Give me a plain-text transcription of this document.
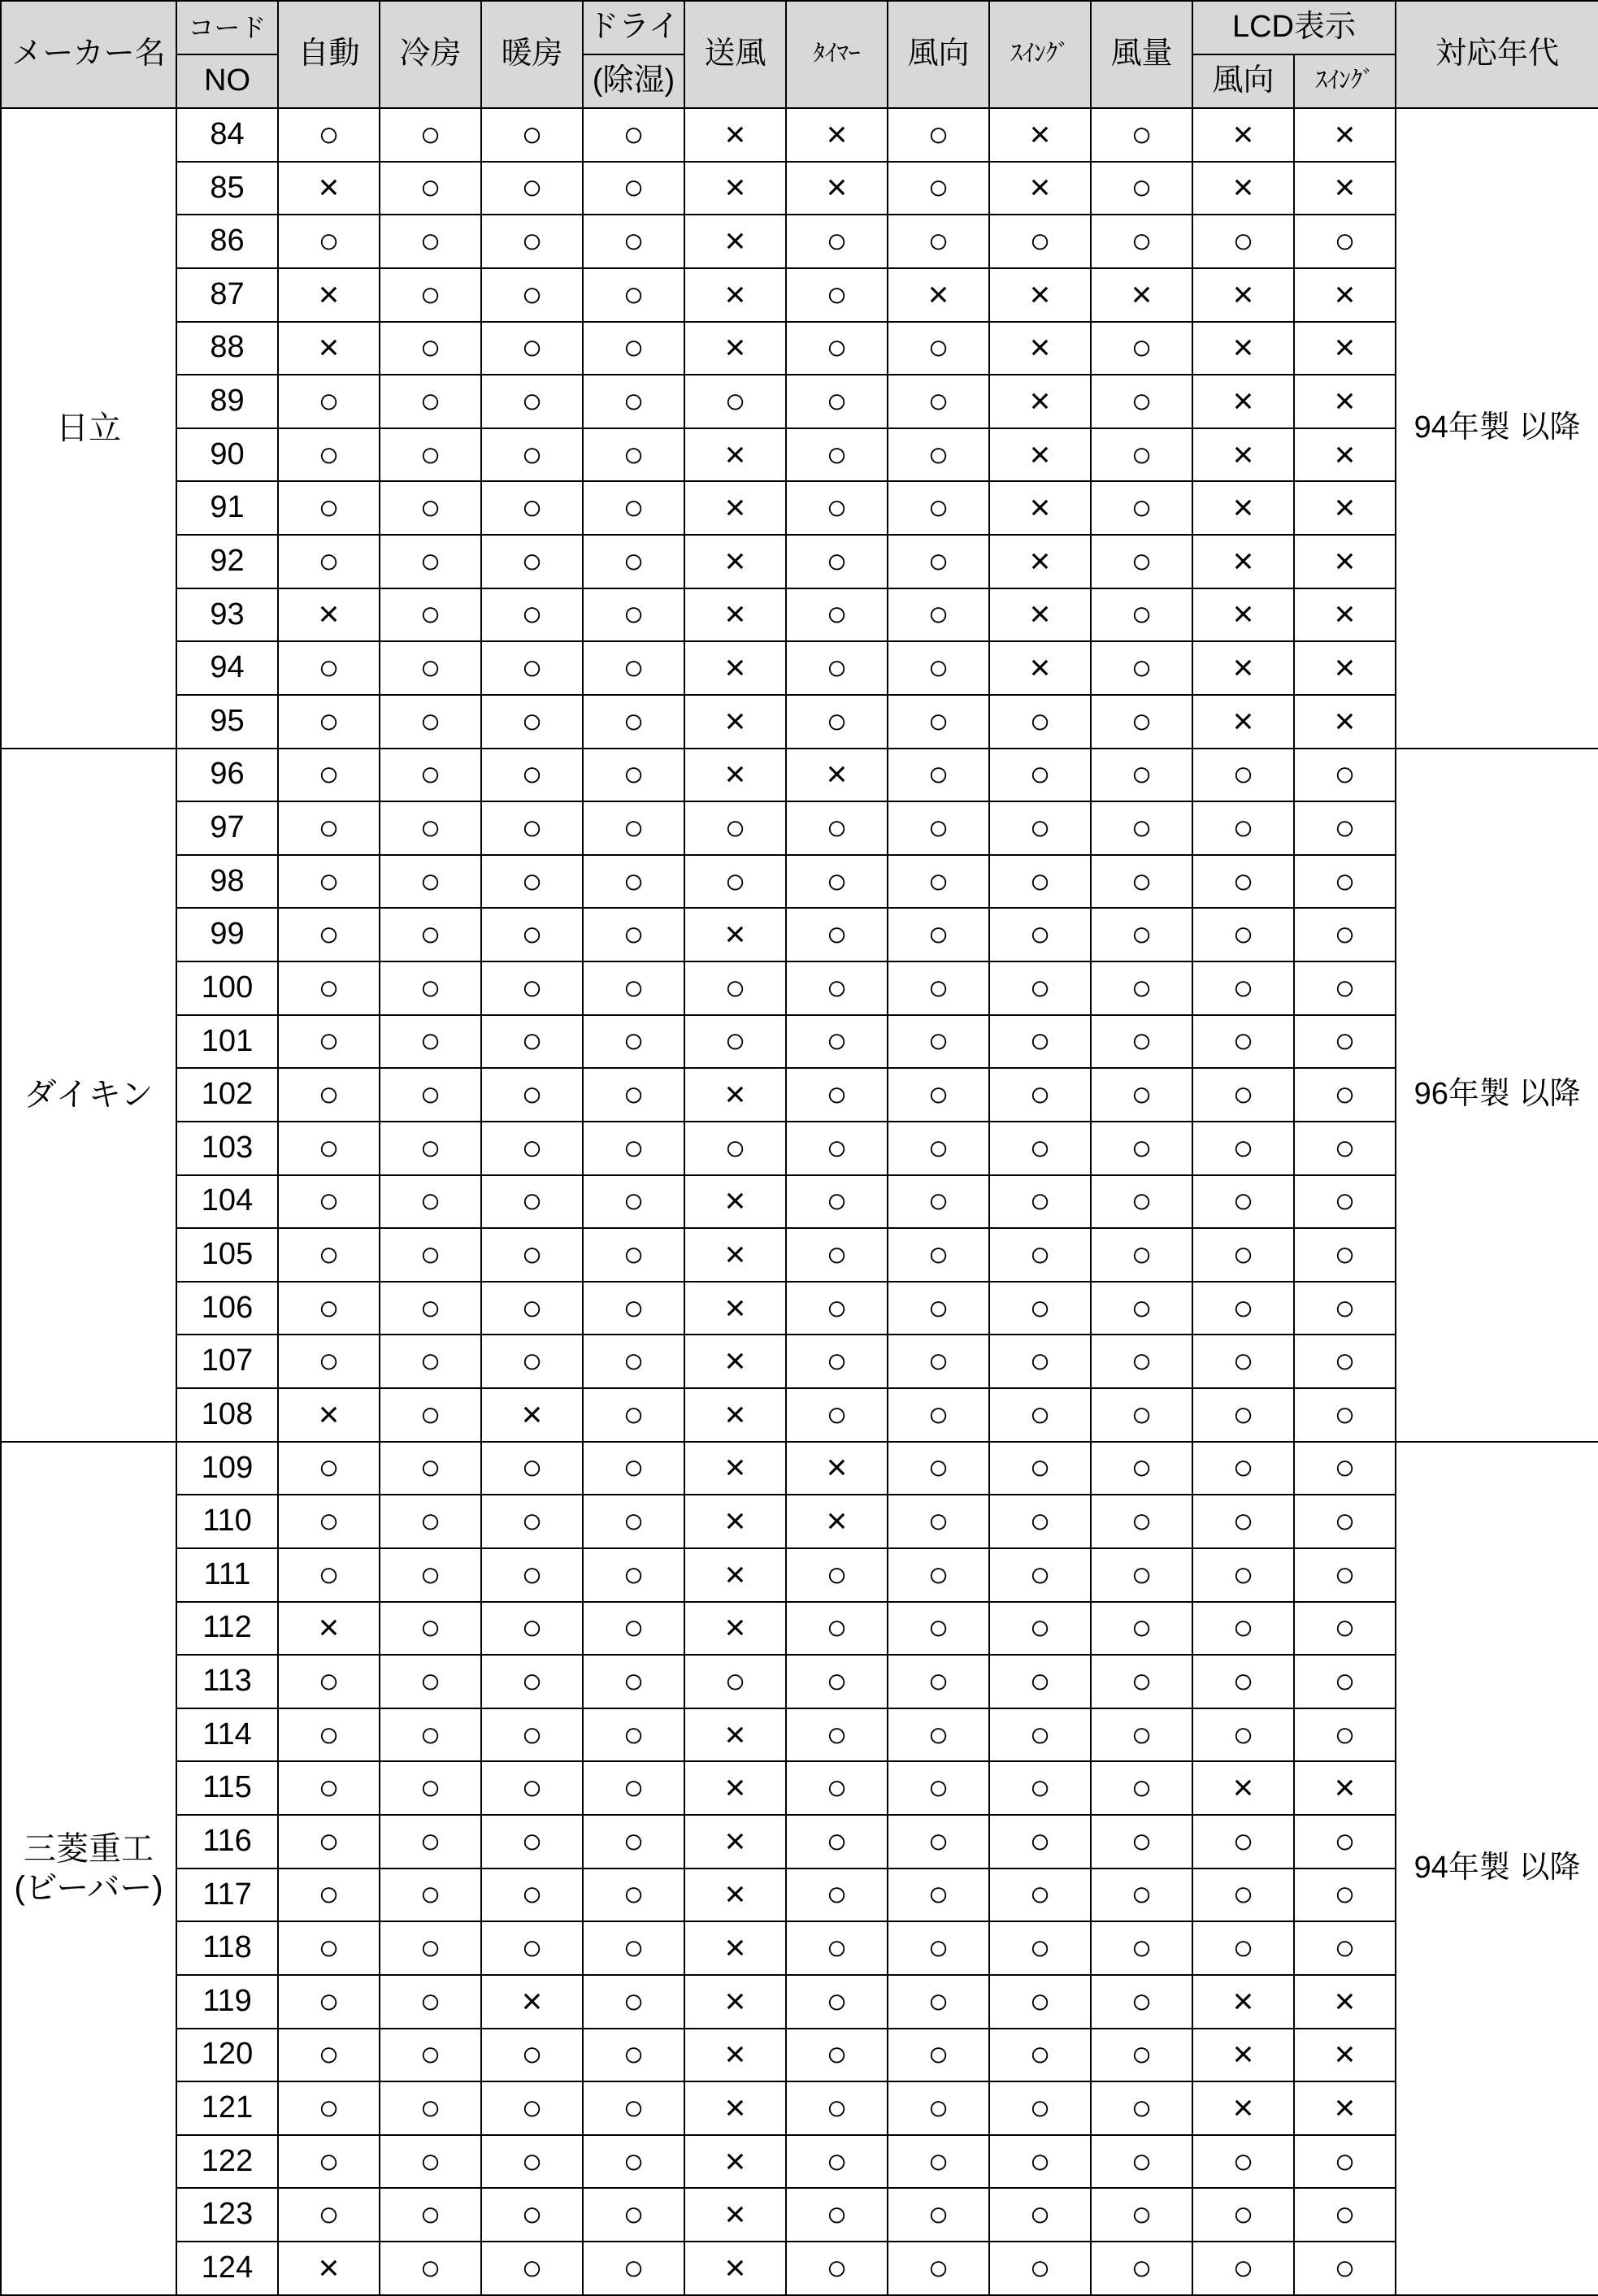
メーカー名	コード	自動	冷房	暖房	ドライ	送風	ﾀｲﾏｰ	風向	ｽｲﾝｸﾞ	風量	LCD表示		対応年代
	NO				(除湿)						風向	ｽｲﾝｸﾞ	
日立	84	○	○	○	○	×	×	○	×	○	×	×	94年製 以降
	85	×	○	○	○	×	×	○	×	○	×	×	
	86	○	○	○	○	×	○	○	○	○	○	○	
	87	×	○	○	○	×	○	×	×	×	×	×	
	88	×	○	○	○	×	○	○	×	○	×	×	
	89	○	○	○	○	○	○	○	×	○	×	×	
	90	○	○	○	○	×	○	○	×	○	×	×	
	91	○	○	○	○	×	○	○	×	○	×	×	
	92	○	○	○	○	×	○	○	×	○	×	×	
	93	×	○	○	○	×	○	○	×	○	×	×	
	94	○	○	○	○	×	○	○	×	○	×	×	
	95	○	○	○	○	×	○	○	○	○	×	×	
ダイキン	96	○	○	○	○	×	×	○	○	○	○	○	96年製 以降
	97	○	○	○	○	○	○	○	○	○	○	○	
	98	○	○	○	○	○	○	○	○	○	○	○	
	99	○	○	○	○	×	○	○	○	○	○	○	
	100	○	○	○	○	○	○	○	○	○	○	○	
	101	○	○	○	○	○	○	○	○	○	○	○	
	102	○	○	○	○	×	○	○	○	○	○	○	
	103	○	○	○	○	○	○	○	○	○	○	○	
	104	○	○	○	○	×	○	○	○	○	○	○	
	105	○	○	○	○	×	○	○	○	○	○	○	
	106	○	○	○	○	×	○	○	○	○	○	○	
	107	○	○	○	○	×	○	○	○	○	○	○	
	108	×	○	×	○	×	○	○	○	○	○	○	
三菱重工 (ビーバー)	109	○	○	○	○	×	×	○	○	○	○	○	94年製 以降
	110	○	○	○	○	×	×	○	○	○	○	○	
	111	○	○	○	○	×	○	○	○	○	○	○	
	112	×	○	○	○	×	○	○	○	○	○	○	
	113	○	○	○	○	○	○	○	○	○	○	○	
	114	○	○	○	○	×	○	○	○	○	○	○	
	115	○	○	○	○	×	○	○	○	○	×	×	
	116	○	○	○	○	×	○	○	○	○	○	○	
	117	○	○	○	○	×	○	○	○	○	○	○	
	118	○	○	○	○	×	○	○	○	○	○	○	
	119	○	○	×	○	×	○	○	○	○	×	×	
	120	○	○	○	○	×	○	○	○	○	×	×	
	121	○	○	○	○	×	○	○	○	○	×	×	
	122	○	○	○	○	×	○	○	○	○	○	○	
	123	○	○	○	○	×	○	○	○	○	○	○	
	124	×	○	○	○	×	○	○	○	○	○	○	
